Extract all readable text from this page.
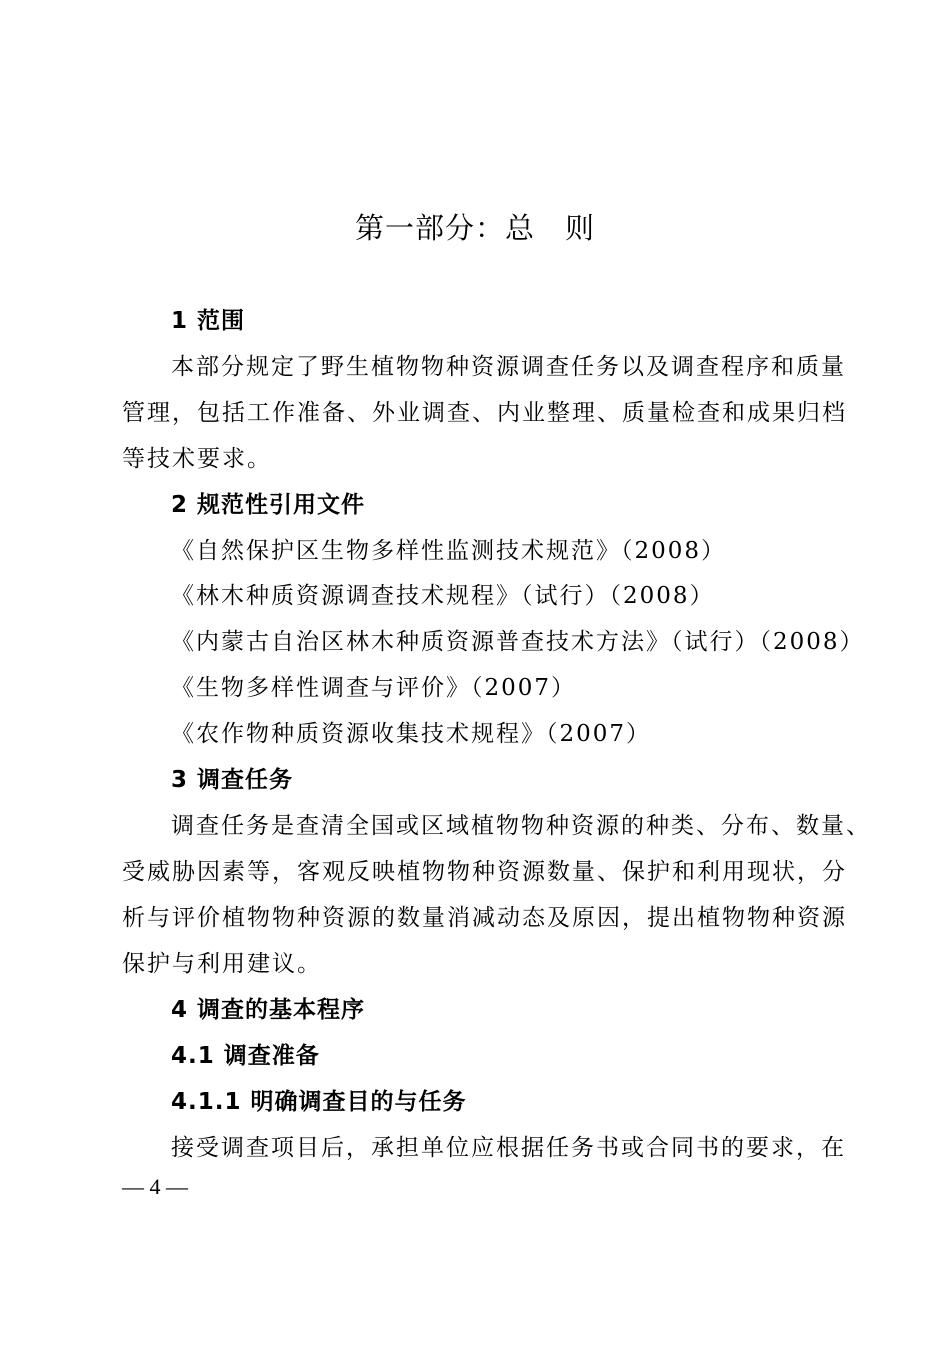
第一部分：总　则
1 范围
本部分规定了野生植物物种资源调查任务以及调查程序和质量
管理，包括工作准备、外业调查、内业整理、质量检查和成果归档
等技术要求。
2 规范性引用文件
《自然保护区生物多样性监测技术规范》（2008）
《林木种质资源调查技术规程》（试行）（2008）
《内蒙古自治区林木种质资源普查技术方法》（试行）（2008）
《生物多样性调查与评价》（2007）
《农作物种质资源收集技术规程》（2007）
3 调查任务
调查任务是查清全国或区域植物物种资源的种类、分布、数量、
受威胁因素等，客观反映植物物种资源数量、保护和利用现状，分
析与评价植物物种资源的数量消减动态及原因，提出植物物种资源
保护与利用建议。
4 调查的基本程序
4.1 调查准备
4.1.1 明确调查目的与任务
接受调查项目后，承担单位应根据任务书或合同书的要求，在
— 4 —
